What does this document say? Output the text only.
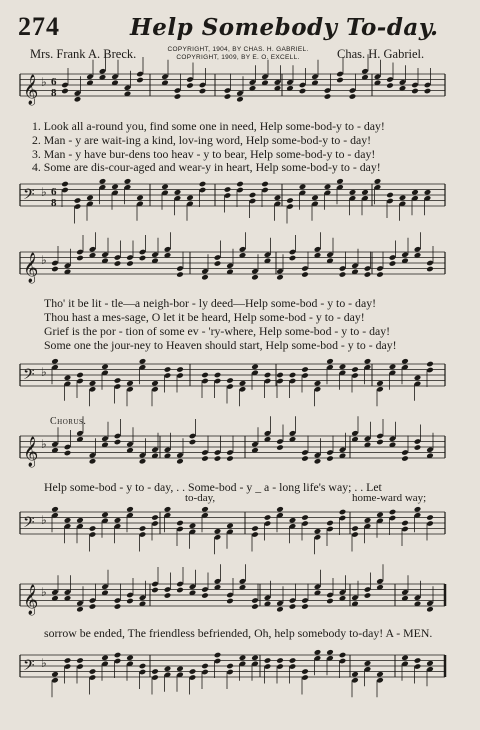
274	Help Somebody To-day.
Mrs. Frank A. Breck.	COPYRIGHT, 1904, BY CHAS. H. GABRIEL.
COPYRIGHT, 1909, BY E. O. EXCELL.	Chas. H. Gabriel.
𝄞 ♭ 6
8
𝄢 ♭ 6
8
𝄞 ♭
𝄢 ♭
𝄞 ♭
𝄢 ♭
𝄞 ♭
𝄢 ♭
1. Look all a-round you, find some one in need, Help some-bod-y to - day!
2. Man - y are wait-ing a kind, lov-ing word, Help some-bod-y to - day!
3. Man - y have bur-dens too heav - y to bear, Help some-bod-y to - day!
4. Some are dis-cour-aged and wear-y in heart, Help some-bod-y to - day!
Tho' it be lit - tle—a neigh-bor - ly deed—Help some-bod - y to - day!
Thou hast a mes-sage, O let it be heard, Help some-bod - y to - day!
Grief is the por - tion of some ev - 'ry-where, Help some-bod - y to - day!
Some one the jour-ney to Heaven should start, Help some-bod - y to - day!
Chorus.
Help some-bod - y to - day, . . Some-bod - y _ a - long life's way; . . Let
to-day,	home-ward way;
sorrow be ended, The friendless befriended, Oh, help somebody to-day! A - MEN.
